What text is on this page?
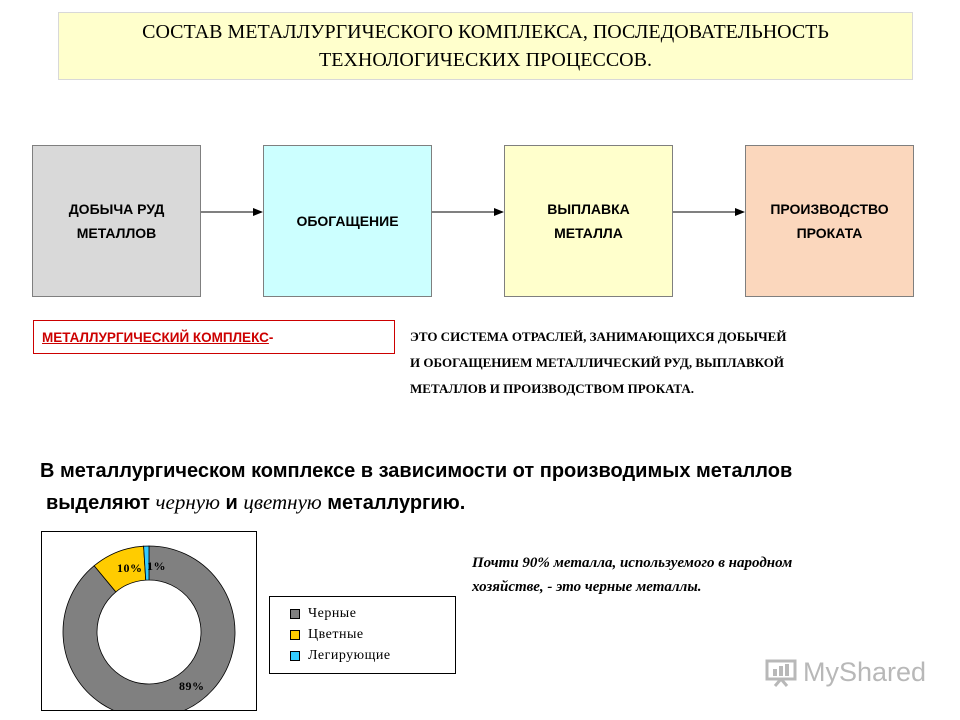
СОСТАВ МЕТАЛЛУРГИЧЕСКОГО КОМПЛЕКСА, ПОСЛЕДОВАТЕЛЬНОСТЬ ТЕХНОЛОГИЧЕСКИХ ПРОЦЕССОВ.
ДОБЫЧА РУД
МЕТАЛЛОВ
ОБОГАЩЕНИЕ
ВЫПЛАВКА
МЕТАЛЛА
ПРОИЗВОДСТВО
ПРОКАТА
МЕТАЛЛУРГИЧЕСКИЙ КОМПЛЕКС -	ЭТО СИСТЕМА ОТРАСЛЕЙ, ЗАНИМАЮЩИХСЯ ДОБЫЧЕЙ
И ОБОГАЩЕНИЕМ МЕТАЛЛИЧЕСКИЙ РУД, ВЫПЛАВКОЙ
МЕТАЛЛОВ И ПРОИЗВОДСТВОМ ПРОКАТА.
В металлургическом комплексе в зависимости от производимых металлов
выделяют черную и цветную металлургию.
89%
10% 1%
Черные
Цветные
Легирующие
Почти 90% металла, используемого в народном
хозяйстве, - это черные металлы.
MyShared
